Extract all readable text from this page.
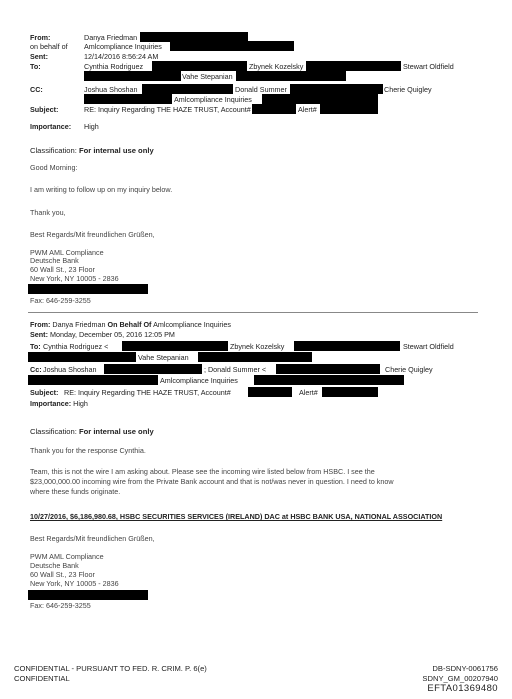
From:	Danya Friedman
on behalf of Amlcompliance Inquiries
Sent:	12/14/2016 8:56:24 AM
To:	Cynthia Rodriguez	Zbynek Kozelsky	Stewart Oldfield
Vahe Stepanian
CC:	Joshua Shoshan	Donald Summer	Cherie Quigley
Amlcompliance Inquiries
Subject:	RE: Inquiry Regarding THE HAZE TRUST, Account#	Alert#
Importance: High
Classification: For internal use only
Good Morning:
I am writing to follow up on my inquiry below.
Thank you,
Best Regards/Mit freundlichen Grüßen,
PWM AML Compliance
Deutsche Bank
60 Wall St., 23 Floor
New York, NY 10005 - 2836
Fax: 646-259-3255
From: Danya Friedman On Behalf Of Amlcompliance Inquiries
Sent: Monday, December 05, 2016 12:05 PM
To: Cynthia Rodriguez <	Zbynek Kozelsky	Stewart Oldfield
Vahe Stepanian
Cc: Joshua Shoshan	; Donald Summer <	Cherie Quigley
Amlcompliance Inquiries
Subject: RE: Inquiry Regarding THE HAZE TRUST, Account#	Alert#
Importance: High
Classification: For internal use only
Thank you for the response Cynthia.
Team, this is not the wire I am asking about. Please see the incoming wire listed below from HSBC. I see the
$23,000,000.00 incoming wire from the Private Bank account and that is not/was never in question. I need to know
where these funds originate.
10/27/2016, $6,186,980.68, HSBC SECURITIES SERVICES (IRELAND) DAC at HSBC BANK USA, NATIONAL ASSOCIATION
Best Regards/Mit freundlichen Grüßen,
PWM AML Compliance
Deutsche Bank
60 Wall St., 23 Floor
New York, NY 10005 - 2836
Fax: 646-259-3255
CONFIDENTIAL - PURSUANT TO FED. R. CRIM. P. 6(e)
CONFIDENTIAL
DB-SDNY-0061756
SDNY_GM_00207940
EFTA01369480
